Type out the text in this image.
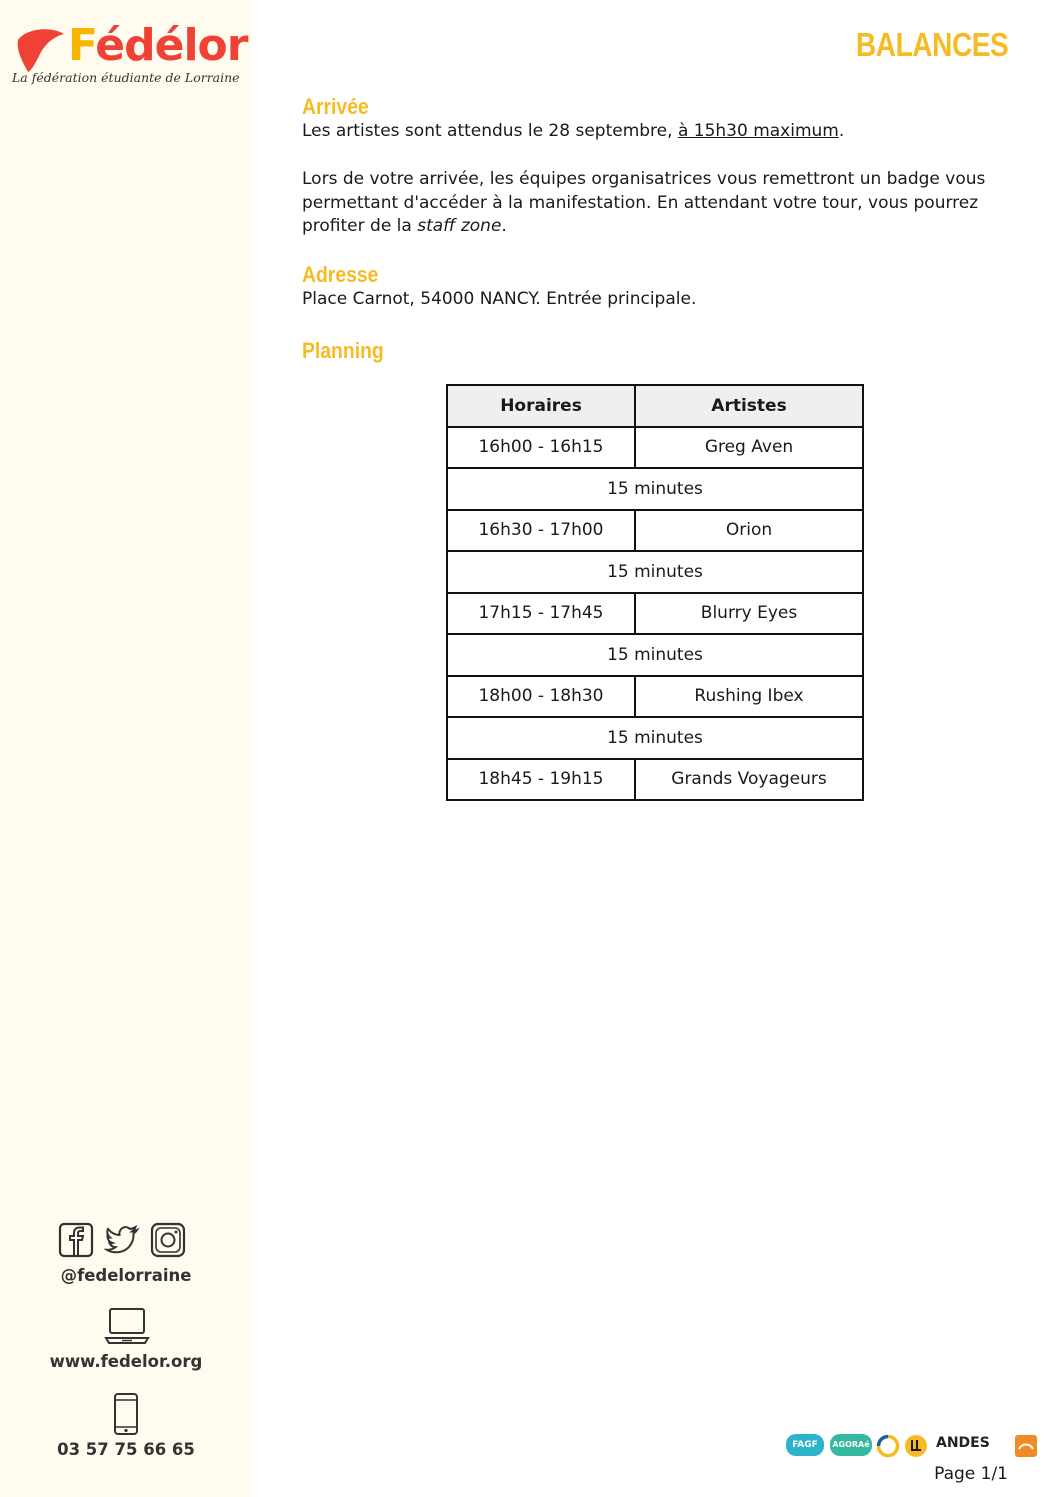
Fédélor
La fédération étudiante de Lorraine
@fedelorraine
www.fedelor.org
03 57 75 66 65
BALANCES
Arrivée

Les artistes sont attendus le 28 septembre, à 15h30 maximum.

Lors de votre arrivée, les équipes organisatrices vous remettront un badge vous permettant d'accéder à la manifestation. En attendant votre tour, vous pourrez profiter de la staff zone.

Adresse

Place Carnot, 54000 NANCY. Entrée principale.

Planning
Horaires	Artistes
16h00 - 16h15	Greg Aven
15 minutes	
16h30 - 17h00	Orion
15 minutes	
17h15 - 17h45	Blurry Eyes
15 minutes	
18h00 - 18h30	Rushing Ibex
15 minutes	
18h45 - 19h15	Grands Voyageurs
FAGF	AGORAé	ANDES
Page 1/1
